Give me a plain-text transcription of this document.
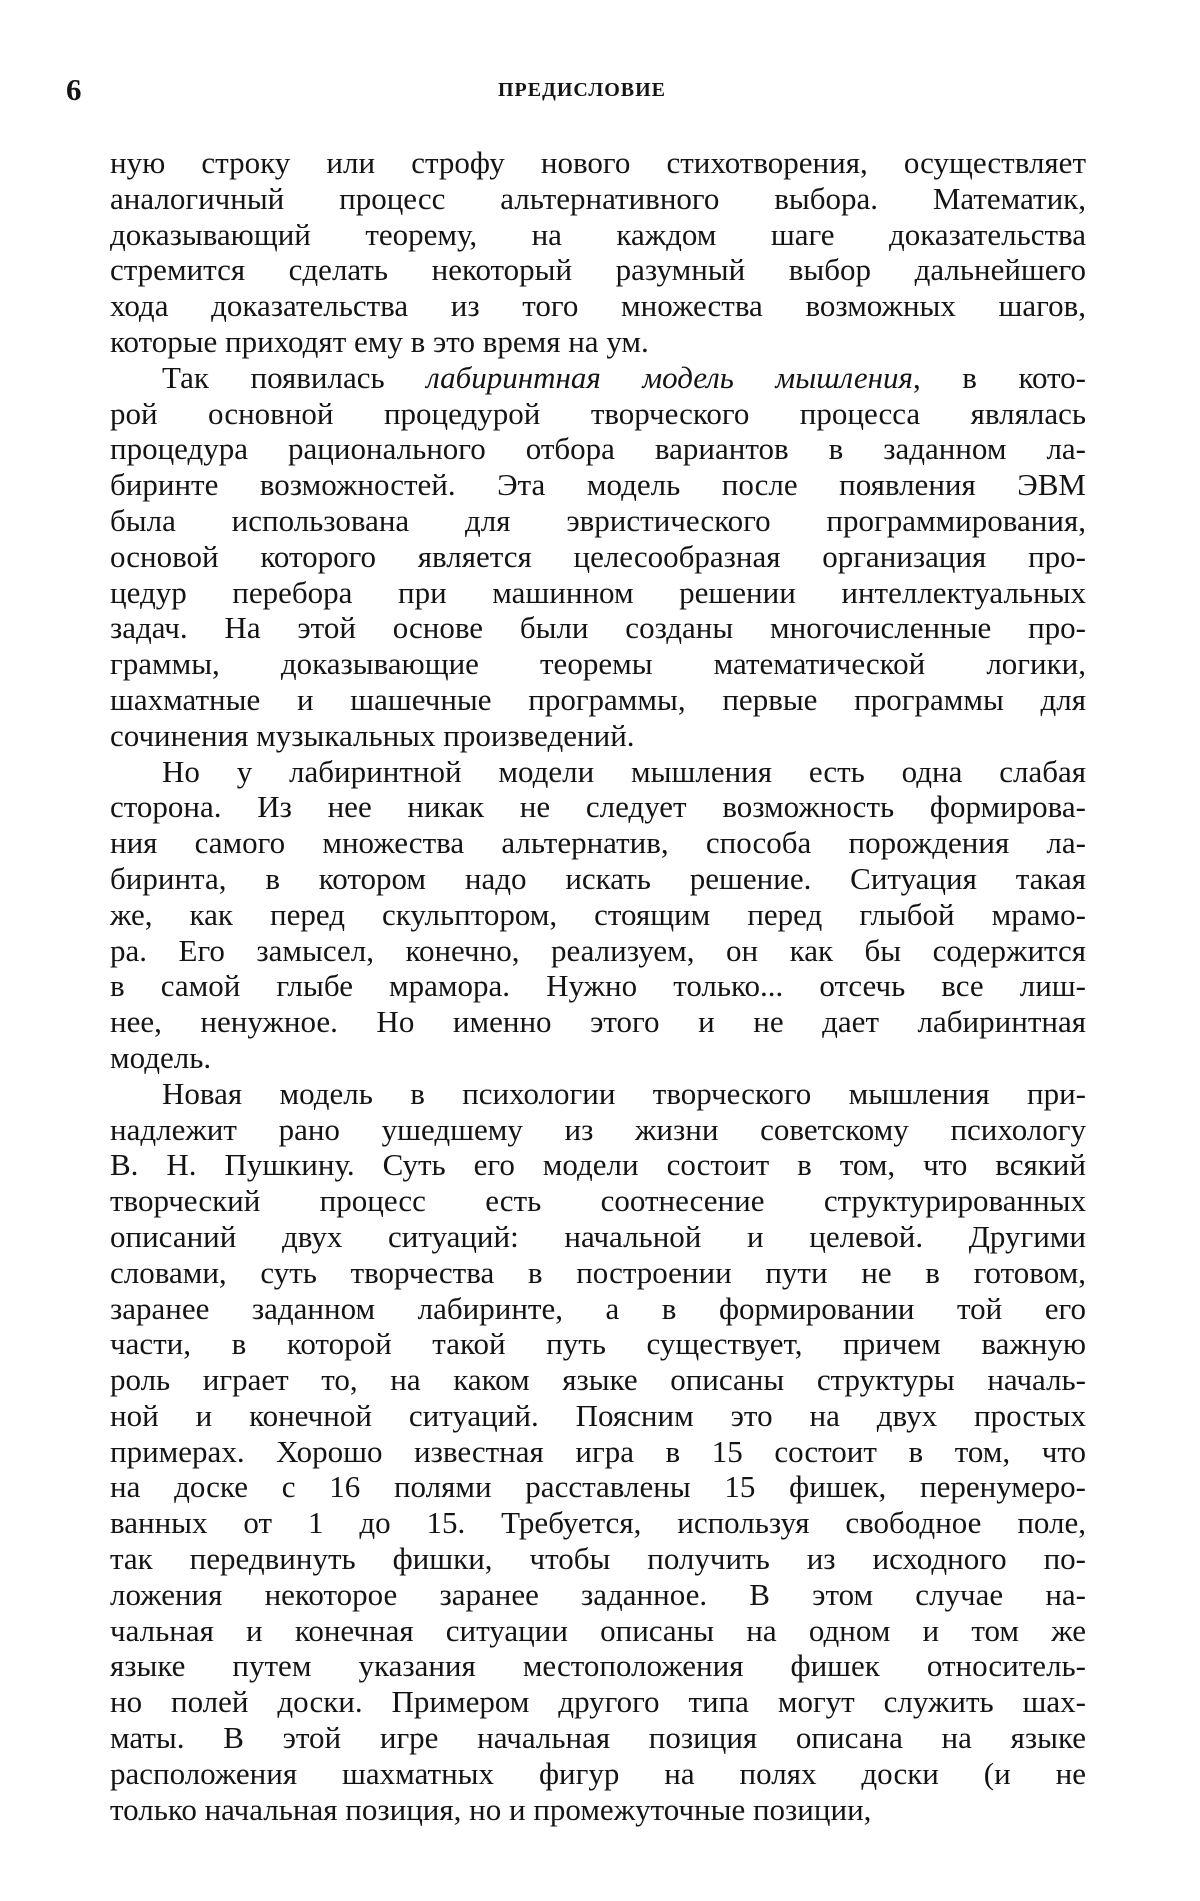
6	ПРЕДИСЛОВИЕ
ную строку или строфу нового стихотворения, осуществляет
аналогичный процесс альтернативного выбора. Математик,
доказывающий теорему, на каждом шаге доказательства
стремится сделать некоторый разумный выбор дальнейшего
хода доказательства из того множества возможных шагов,
которые приходят ему в это время на ум.
Так появилась лабиринтная модель мышления, в кото-
рой основной процедурой творческого процесса являлась
процедура рационального отбора вариантов в заданном ла-
биринте возможностей. Эта модель после появления ЭВМ
была использована для эвристического программирования,
основой которого является целесообразная организация про-
цедур перебора при машинном решении интеллектуальных
задач. На этой основе были созданы многочисленные про-
граммы, доказывающие теоремы математической логики,
шахматные и шашечные программы, первые программы для
сочинения музыкальных произведений.
Но у лабиринтной модели мышления есть одна слабая
сторона. Из нее никак не следует возможность формирова-
ния самого множества альтернатив, способа порождения ла-
биринта, в котором надо искать решение. Ситуация такая
же, как перед скульптором, стоящим перед глыбой мрамо-
ра. Его замысел, конечно, реализуем, он как бы содержится
в самой глыбе мрамора. Нужно только... отсечь все лиш-
нее, ненужное. Но именно этого и не дает лабиринтная
модель.
Новая модель в психологии творческого мышления при-
надлежит рано ушедшему из жизни советскому психологу
В. Н. Пушкину. Суть его модели состоит в том, что всякий
творческий процесс есть соотнесение структурированных
описаний двух ситуаций: начальной и целевой. Другими
словами, суть творчества в построении пути не в готовом,
заранее заданном лабиринте, а в формировании той его
части, в которой такой путь существует, причем важную
роль играет то, на каком языке описаны структуры началь-
ной и конечной ситуаций. Поясним это на двух простых
примерах. Хорошо известная игра в 15 состоит в том, что
на доске с 16 полями расставлены 15 фишек, перенумеро-
ванных от 1 до 15. Требуется, используя свободное поле,
так передвинуть фишки, чтобы получить из исходного по-
ложения некоторое заранее заданное. В этом случае на-
чальная и конечная ситуации описаны на одном и том же
языке путем указания местоположения фишек относитель-
но полей доски. Примером другого типа могут служить шах-
маты. В этой игре начальная позиция описана на языке
расположения шахматных фигур на полях доски (и не
только начальная позиция, но и промежуточные позиции,
